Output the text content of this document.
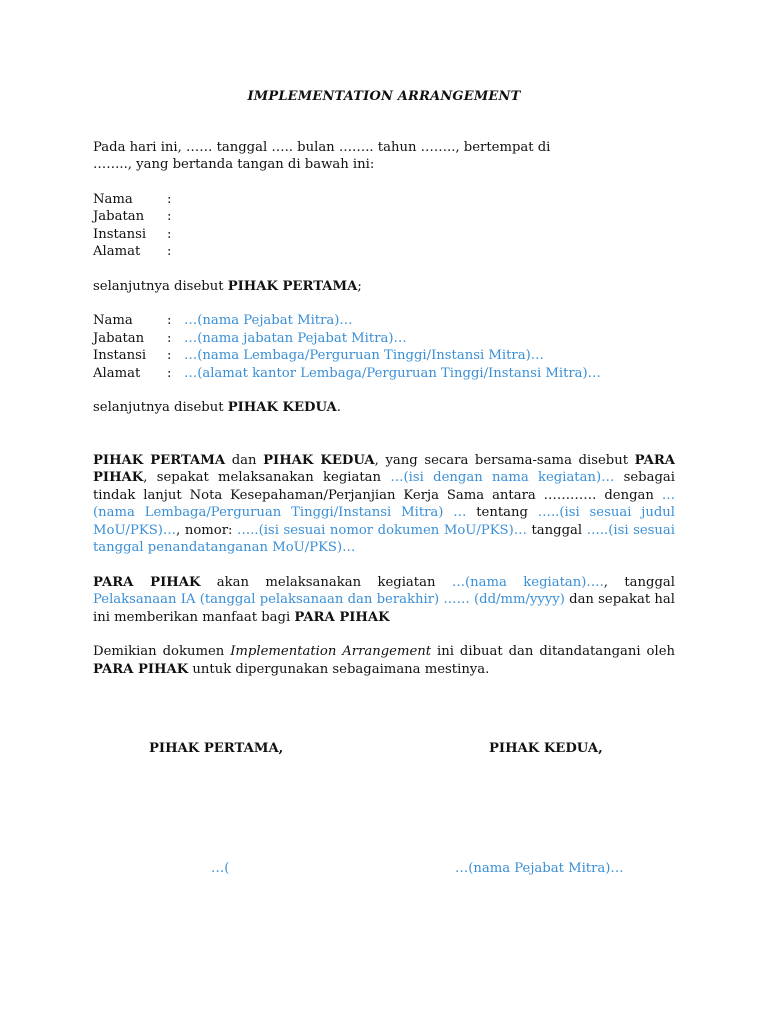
IMPLEMENTATION ARRANGEMENT

Pada hari ini, …… tanggal ….. bulan …….. tahun …….., bertempat di
…….., yang bertanda tangan di bawah ini:

Nama	:
Jabatan	:
Instansi	:
Alamat	:

selanjutnya disebut PIHAK PERTAMA;

Nama	: …(nama Pejabat Mitra)…
Jabatan	: …(nama jabatan Pejabat Mitra)…
Instansi	: …(nama Lembaga/Perguruan Tinggi/Instansi Mitra)…
Alamat	: …(alamat kantor Lembaga/Perguruan Tinggi/Instansi Mitra)…

selanjutnya disebut PIHAK KEDUA.

PIHAK PERTAMA dan PIHAK KEDUA, yang secara bersama-sama disebut PARA PIHAK, sepakat melaksanakan kegiatan …(isi dengan nama kegiatan)… sebagai tindak lanjut Nota Kesepahaman/Perjanjian Kerja Sama antara ………… dengan …(nama Lembaga/Perguruan Tinggi/Instansi Mitra) … tentang …..(isi sesuai judul MoU/PKS)…, nomor: …..(isi sesuai nomor dokumen MoU/PKS)… tanggal …..(isi sesuai tanggal penandatanganan MoU/PKS)…

PARA PIHAK akan melaksanakan kegiatan …(nama kegiatan)…., tanggal Pelaksanaan IA (tanggal pelaksanaan dan berakhir) …… (dd/mm/yyyy) dan sepakat hal ini memberikan manfaat bagi PARA PIHAK

Demikian dokumen Implementation Arrangement ini dibuat dan ditandatangani oleh PARA PIHAK untuk dipergunakan sebagaimana mestinya.

PIHAK PERTAMA,	PIHAK KEDUA,
…(	…(nama Pejabat Mitra)…
